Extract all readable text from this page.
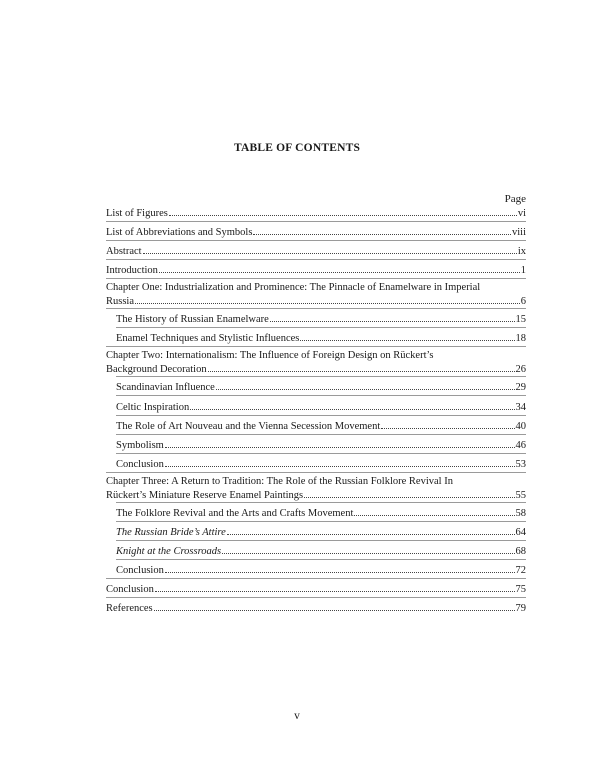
TABLE OF CONTENTS
Page
List of Figures	vi
List of Abbreviations and Symbols	viii
Abstract	ix
Introduction	1
Chapter One: Industrialization and Prominence: The Pinnacle of Enamelware in Imperial
Russia	6
The History of Russian Enamelware	15
Enamel Techniques and Stylistic Influences	18
Chapter Two: Internationalism: The Influence of Foreign Design on Rückert’s
Background Decoration	26
Scandinavian Influence	29
Celtic Inspiration	34
The Role of Art Nouveau and the Vienna Secession Movement	40
Symbolism	46
Conclusion	53
Chapter Three: A Return to Tradition: The Role of the Russian Folklore Revival In
Rückert’s Miniature Reserve Enamel Paintings	55
The Folklore Revival and the Arts and Crafts Movement	58
The Russian Bride’s Attire	64
Knight at the Crossroads	68
Conclusion	72
Conclusion	75
References	79
v
